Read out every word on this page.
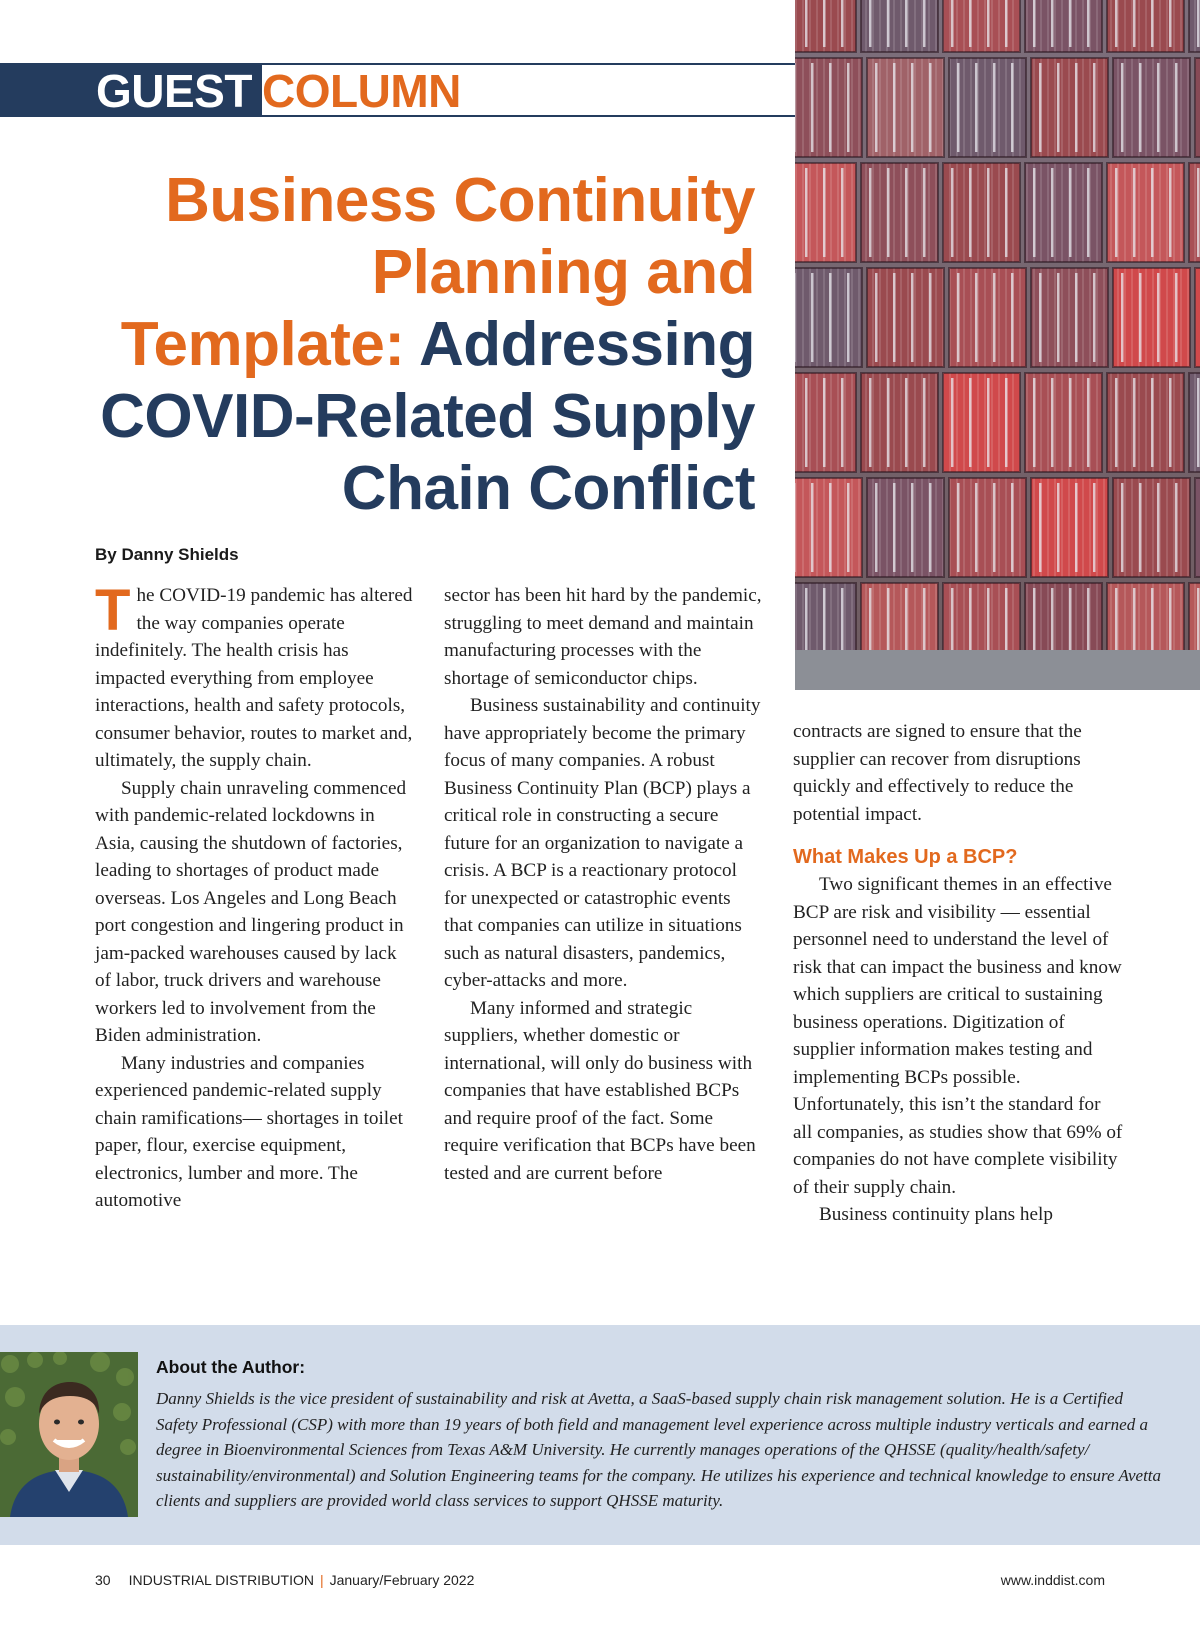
GUEST COLUMN
Business Continuity
Planning and
Template: Addressing
COVID-Related Supply
Chain Conflict
By Danny Shields

The COVID-19 pandemic has altered the way companies operate indefinitely. The health crisis has impacted everything from employee interactions, health and safety protocols, consumer behavior, routes to market and, ultimately, the supply chain.

Supply chain unraveling commenced with pandemic-related lockdowns in Asia, causing the shutdown of factories, leading to shortages of product made overseas. Los Angeles and Long Beach port congestion and lingering product in jam-packed warehouses caused by lack of labor, truck drivers and warehouse workers led to involvement from the Biden administration.

Many industries and companies experienced pandemic-related supply chain ramifications— shortages in toilet paper, flour, exercise equipment, electronics, lumber and more. The automotive

sector has been hit hard by the pandemic, struggling to meet demand and maintain manufacturing processes with the shortage of semiconductor chips.

Business sustainability and continuity have appropriately become the primary focus of many companies. A robust Business Continuity Plan (BCP) plays a critical role in constructing a secure future for an organization to navigate a crisis. A BCP is a reactionary protocol for unexpected or catastrophic events that companies can utilize in situations such as natural disasters, pandemics, cyber-attacks and more.

Many informed and strategic suppliers, whether domestic or international, will only do business with companies that have established BCPs and require proof of the fact. Some require verification that BCPs have been tested and are current before

contracts are signed to ensure that the supplier can recover from disruptions quickly and effectively to reduce the potential impact.

What Makes Up a BCP?

Two significant themes in an effective BCP are risk and visibility — essential personnel need to understand the level of risk that can impact the business and know which suppliers are critical to sustaining business operations. Digitization of supplier information makes testing and implementing BCPs possible. Unfortunately, this isn’t the standard for all companies, as studies show that 69% of companies do not have complete visibility of their supply chain.

Business continuity plans help

About the Author:
Danny Shields is the vice president of sustainability and risk at Avetta, a SaaS-based supply chain risk management solution. He is a Certified Safety Professional (CSP) with more than 19 years of both field and management level experience across multiple industry verticals and earned a degree in Bioenvironmental Sciences from Texas A&M University. He currently manages operations of the QHSSE (quality/health/safety/ sustainability/environmental) and Solution Engineering teams for the company. He utilizes his experience and technical knowledge to ensure Avetta clients and suppliers are provided world class services to support QHSSE maturity.
30 INDUSTRIAL DISTRIBUTION | January/February 2022	www.inddist.com
